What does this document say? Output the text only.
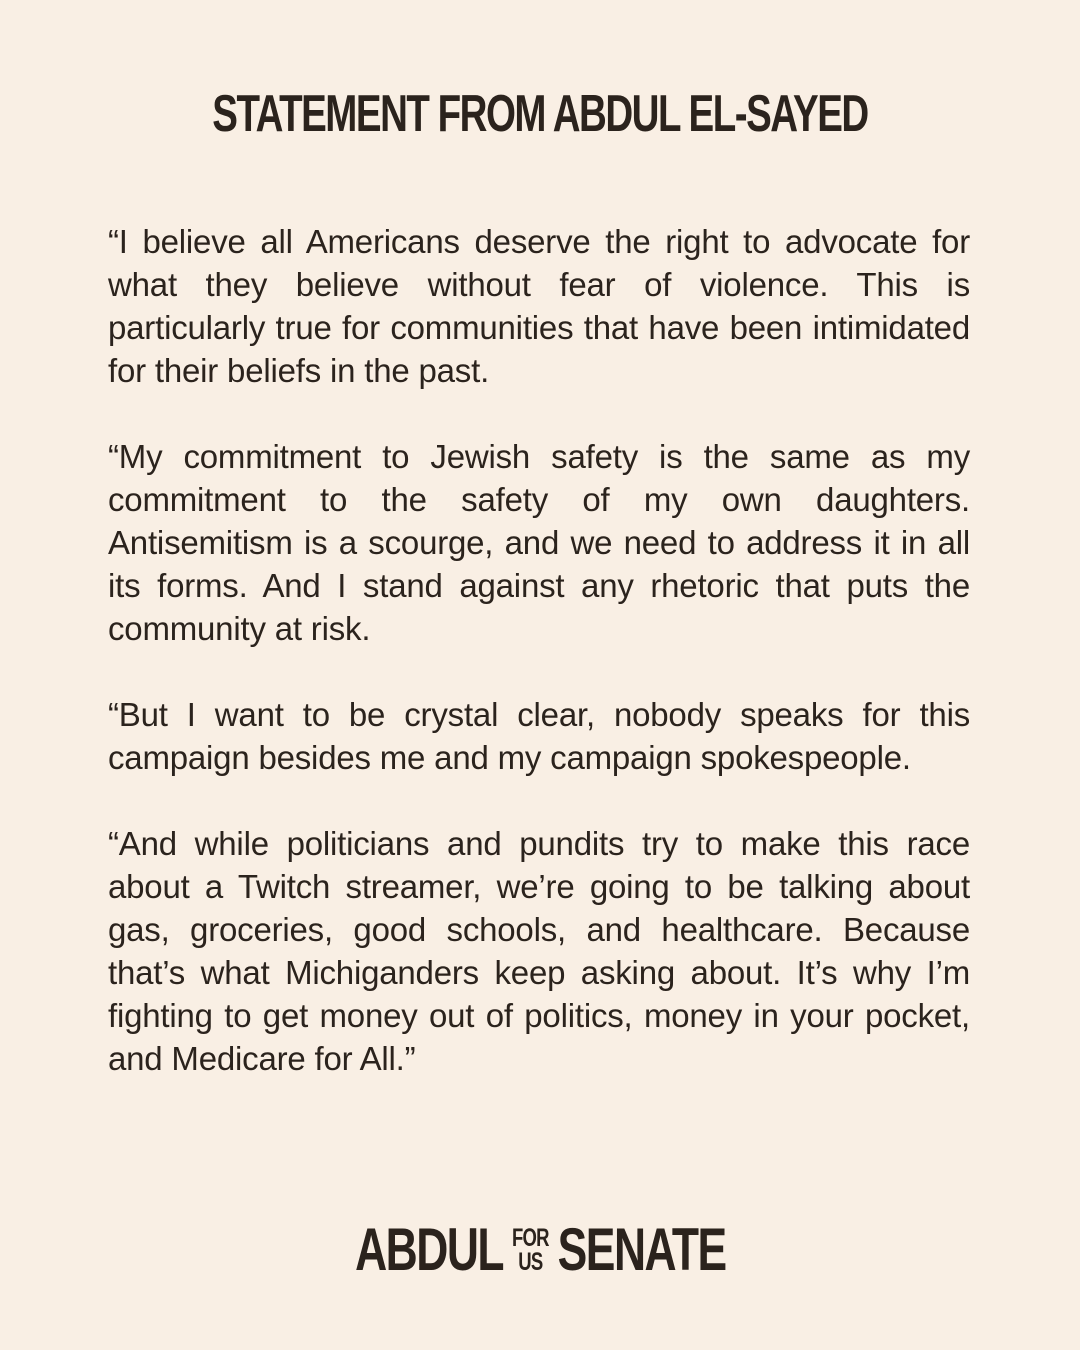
STATEMENT FROM ABDUL EL-SAYED

“I believe all Americans deserve the right to advocate for what they believe without fear of violence. This is particularly true for communities that have been intimidated for their beliefs in the past.

“My commitment to Jewish safety is the same as my commitment to the safety of my own daughters. Antisemitism is a scourge, and we need to address it in all its forms. And I stand against any rhetoric that puts the community at risk.

“But I want to be crystal clear, nobody speaks for this campaign besides me and my campaign spokespeople.

“And while politicians and pundits try to make this race about a Twitch streamer, we’re going to be talking about gas, groceries, good schools, and healthcare. Because that’s what Michiganders keep asking about. It’s why I’m fighting to get money out of politics, money in your pocket, and Medicare for All.”

ABDUL FOR
US SENATE
